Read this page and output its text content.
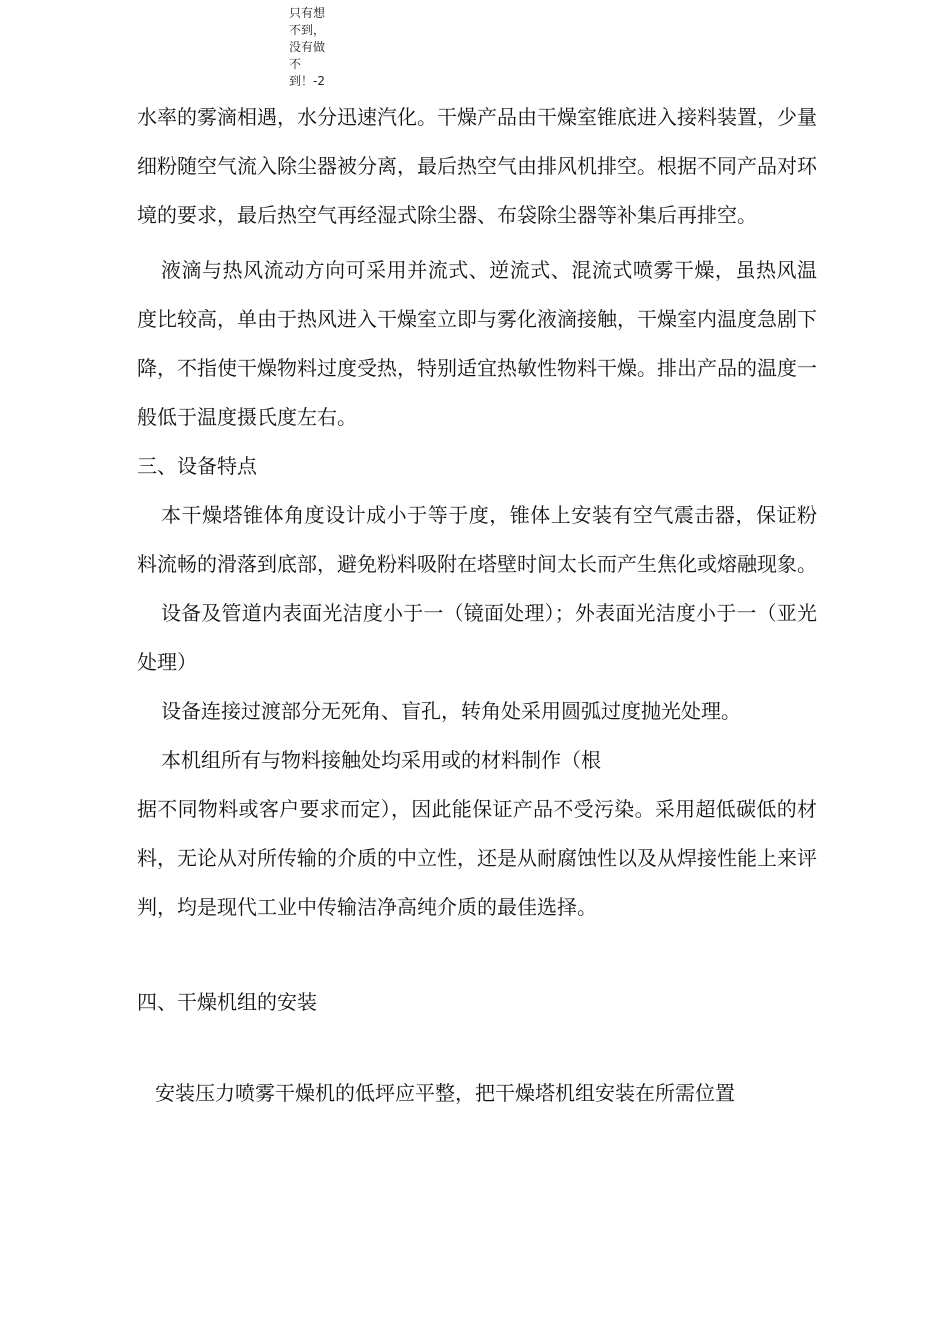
只有想
不到，
没有做
不
到！-2

水率的雾滴相遇，水分迅速汽化。干燥产品由干燥室锥底进入接料装置，少量细粉随空气流入除尘器被分离，最后热空气由排风机排空。根据不同产品对环境的要求，最后热空气再经湿式除尘器、布袋除尘器等补集后再排空。

液滴与热风流动方向可采用并流式、逆流式、混流式喷雾干燥，虽热风温度比较高，单由于热风进入干燥室立即与雾化液滴接触，干燥室内温度急剧下降，不指使干燥物料过度受热，特别适宜热敏性物料干燥。排出产品的温度一般低于温度摄氏度左右。

三、设备特点

本干燥塔锥体角度设计成小于等于度，锥体上安装有空气震击器，保证粉料流畅的滑落到底部，避免粉料吸附在塔壁时间太长而产生焦化或熔融现象。

设备及管道内表面光洁度小于一（镜面处理）；外表面光洁度小于一（亚光处理）

设备连接过渡部分无死角、盲孔，转角处采用圆弧过度抛光处理。

本机组所有与物料接触处均采用或的材料制作（根

据不同物料或客户要求而定），因此能保证产品不受污染。采用超低碳低的材料，无论从对所传输的介质的中立性，还是从耐腐蚀性以及从焊接性能上来评判，均是现代工业中传输洁净高纯介质的最佳选择。

四、干燥机组的安装

安装压力喷雾干燥机的低坪应平整，把干燥塔机组安装在所需位置
